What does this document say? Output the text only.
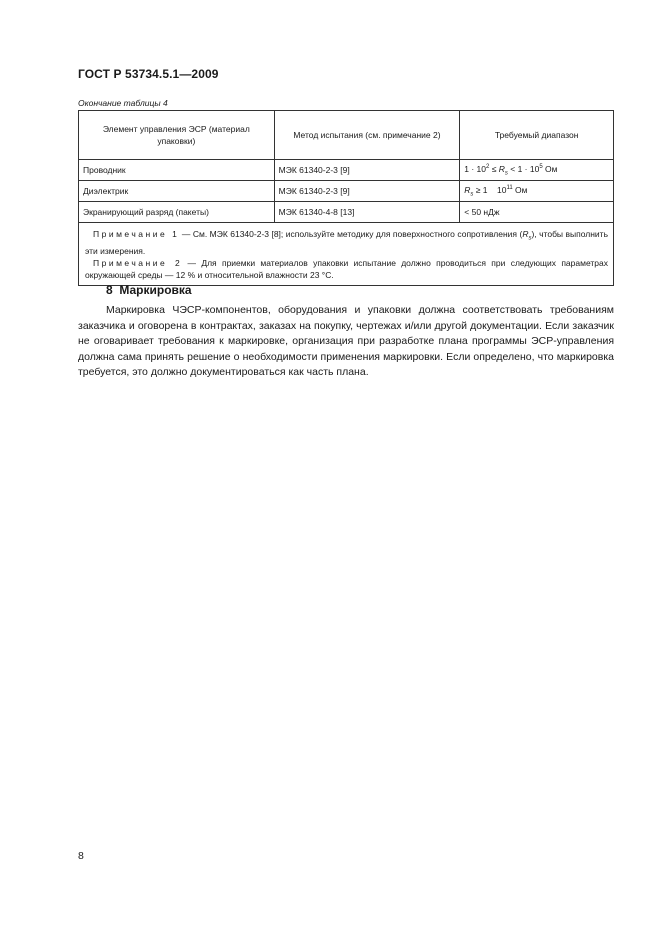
ГОСТ Р 53734.5.1—2009
Окончание таблицы 4
Элемент управления ЭСР (материал упаковки)	Метод испытания (см. примечание 2)	Требуемый диапазон
Проводник	МЭК 61340-2-3 [9]	$1 \cdot 10^2 \le R_s < 1 \cdot 10^5$ Ом
Диэлектрик	МЭК 61340-2-3 [9]	$R_s \ge 1$    $10^{11}$ Ом
Экранирующий разряд (пакеты)	МЭК 61340-4-8 [13]	< 50 нДж

Примечание 1 — См. МЭК 61340-2-3 [8]; используйте методику для поверхностного сопротивления $(R_s)$, чтобы выполнить эти измерения.
Примечание 2 — Для приемки материалов упаковки испытание должно проводиться при следующих параметрах окружающей среды — 12 % и относительной влажности 23 °С.		
8  Маркировка

Маркировка ЧЭСР-компонентов, оборудования и упаковки должна соответствовать требованиям заказчика и оговорена в контрактах, заказах на покупку, чертежах и/или другой документации. Если заказчик не оговаривает требования к маркировке, организация при разработке плана программы ЭСР-управления должна сама принять решение о необходимости применения маркировки. Если определено, что маркировка требуется, это должно документироваться как часть плана.

8
